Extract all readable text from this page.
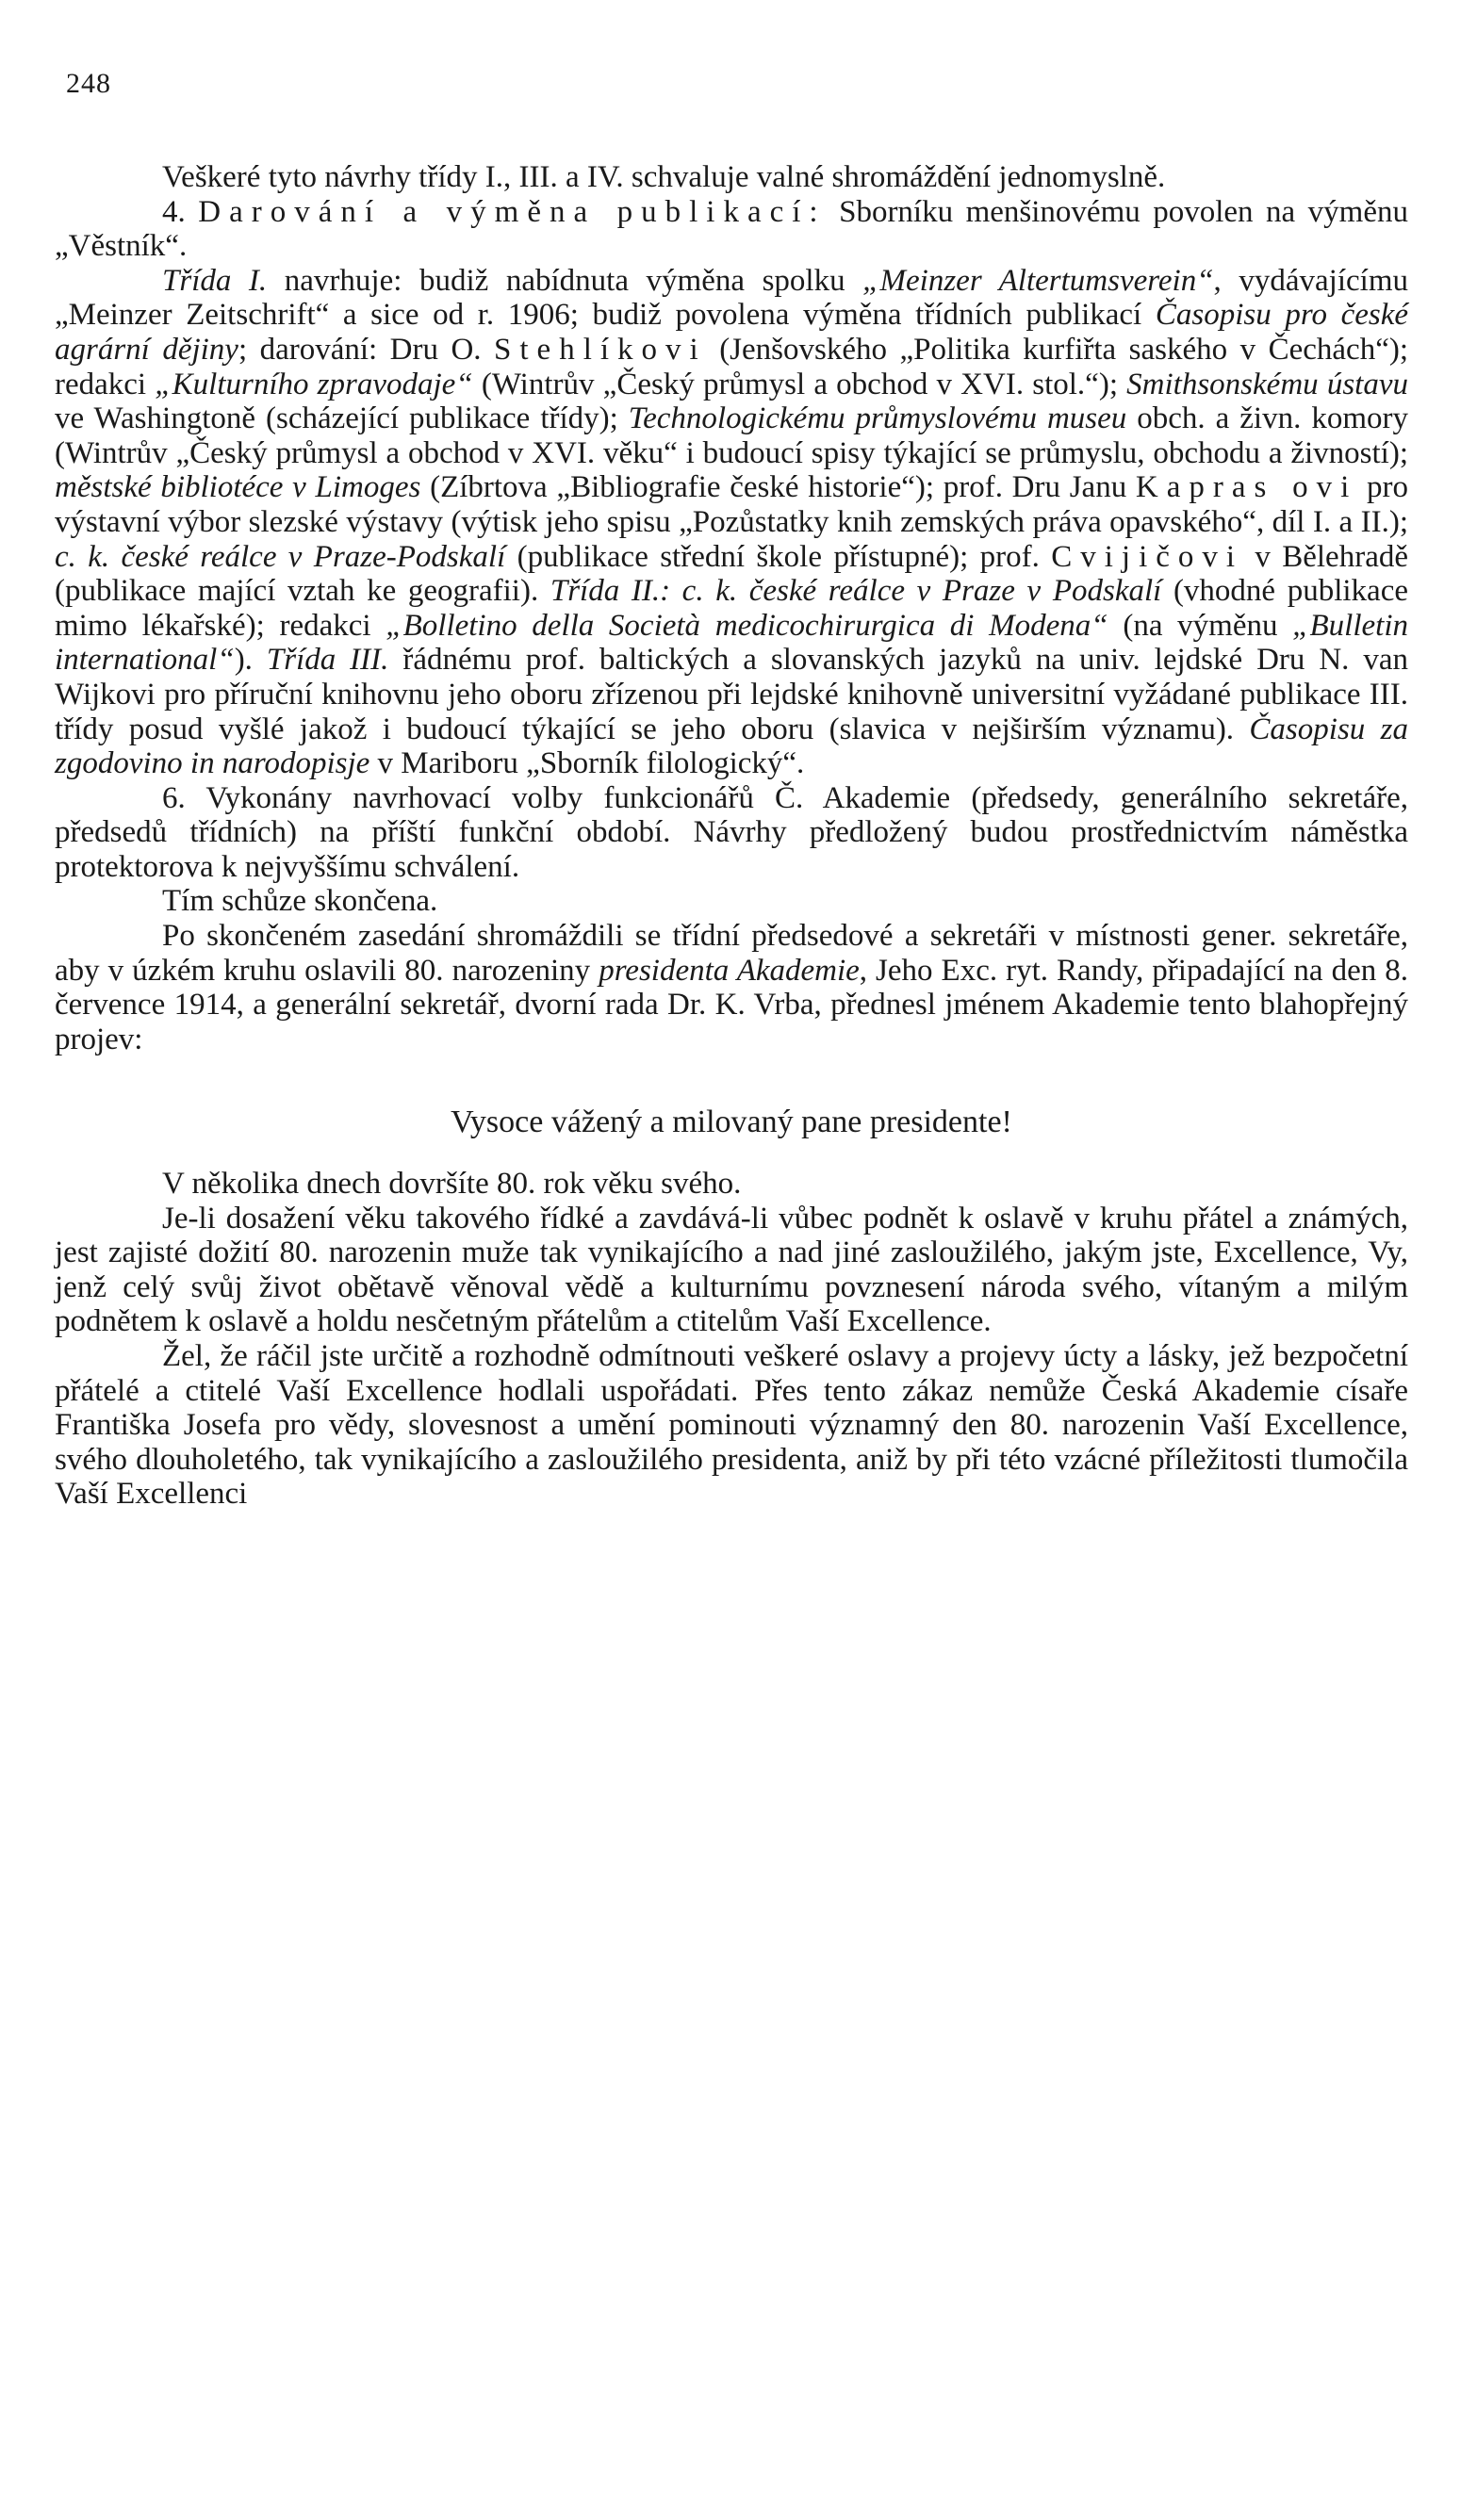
248

Veškeré tyto návrhy třídy I., III. a IV. schvaluje valné shromáždění jednomyslně.

4. Darování a výměna publikací: Sborníku menšinovému povolen na výměnu „Věstník“.

Třída I. navrhuje: budiž nabídnuta výměna spolku „Meinzer Altertumsverein“, vydávajícímu „Meinzer Zeitschrift“ a sice od r. 1906; budiž povolena výměna třídních publikací Časopisu pro české agrární dějiny; darování: Dru O. Stehlíkovi (Jenšovského „Politika kurfiřta saského v Čechách“); redakci „Kulturního zpravodaje“ (Wintrův „Český průmysl a obchod v XVI. stol.“); Smithsonskému ústavu ve Washingtoně (scházející publikace třídy); Technologickému průmyslovému museu obch. a živn. komory (Wintrův „Český průmysl a obchod v XVI. věku“ i budoucí spisy týkající se průmyslu, obchodu a živností); městské bibliotéce v Limoges (Zíbrtova „Bibliografie české historie“); prof. Dru Janu Kapras ovi pro výstavní výbor slezské výstavy (výtisk jeho spisu „Pozůstatky knih zemských práva opavského“, díl I. a II.); c. k. české reálce v Praze-Podskalí (publikace střední škole přístupné); prof. Cvijičovi v Bělehradě (publikace mající vztah ke geografii). Třída II.: c. k. české reálce v Praze v Podskalí (vhodné publikace mimo lékařské); redakci „Bolletino della Società medicochirurgica di Modena“ (na výměnu „Bulletin international“). Třída III. řádnému prof. baltických a slovanských jazyků na univ. lejdské Dru N. van Wijkovi pro příruční knihovnu jeho oboru zřízenou při lejdské knihovně universitní vyžádané publikace III. třídy posud vyšlé jakož i budoucí týkající se jeho oboru (slavica v nejširším významu). Časopisu za zgodovino in narodopisje v Mariboru „Sborník filologický“.

6. Vykonány navrhovací volby funkcionářů Č. Akademie (předsedy, generálního sekretáře, předsedů třídních) na příští funkční období. Návrhy předložený budou prostřednictvím náměstka protektorova k nejvyššímu schválení.

Tím schůze skončena.

Po skončeném zasedání shromáždili se třídní předsedové a sekretáři v místnosti gener. sekretáře, aby v úzkém kruhu oslavili 80. narozeniny presidenta Akademie, Jeho Exc. ryt. Randy, připadající na den 8. července 1914, a generální sekretář, dvorní rada Dr. K. Vrba, přednesl jménem Akademie tento blahopřejný projev:

Vysoce vážený a milovaný pane presidente!

V několika dnech dovršíte 80. rok věku svého.

Je-li dosažení věku takového řídké a zavdává-li vůbec podnět k oslavě v kruhu přátel a známých, jest zajisté dožití 80. narozenin muže tak vynikajícího a nad jiné zasloužilého, jakým jste, Excellence, Vy, jenž celý svůj život obětavě věnoval vědě a kulturnímu povznesení národa svého, vítaným a milým podnětem k oslavě a holdu nesčetným přátelům a ctitelům Vaší Excellence.

Žel, že ráčil jste určitě a rozhodně odmítnouti veškeré oslavy a projevy úcty a lásky, jež bezpočetní přátelé a ctitelé Vaší Excellence hodlali uspořádati. Přes tento zákaz nemůže Česká Akademie císaře Františka Josefa pro vědy, slovesnost a umění pominouti významný den 80. narozenin Vaší Excellence, svého dlouholetého, tak vynikajícího a zasloužilého presidenta, aniž by při této vzácné příležitosti tlumočila Vaší Excellenci
